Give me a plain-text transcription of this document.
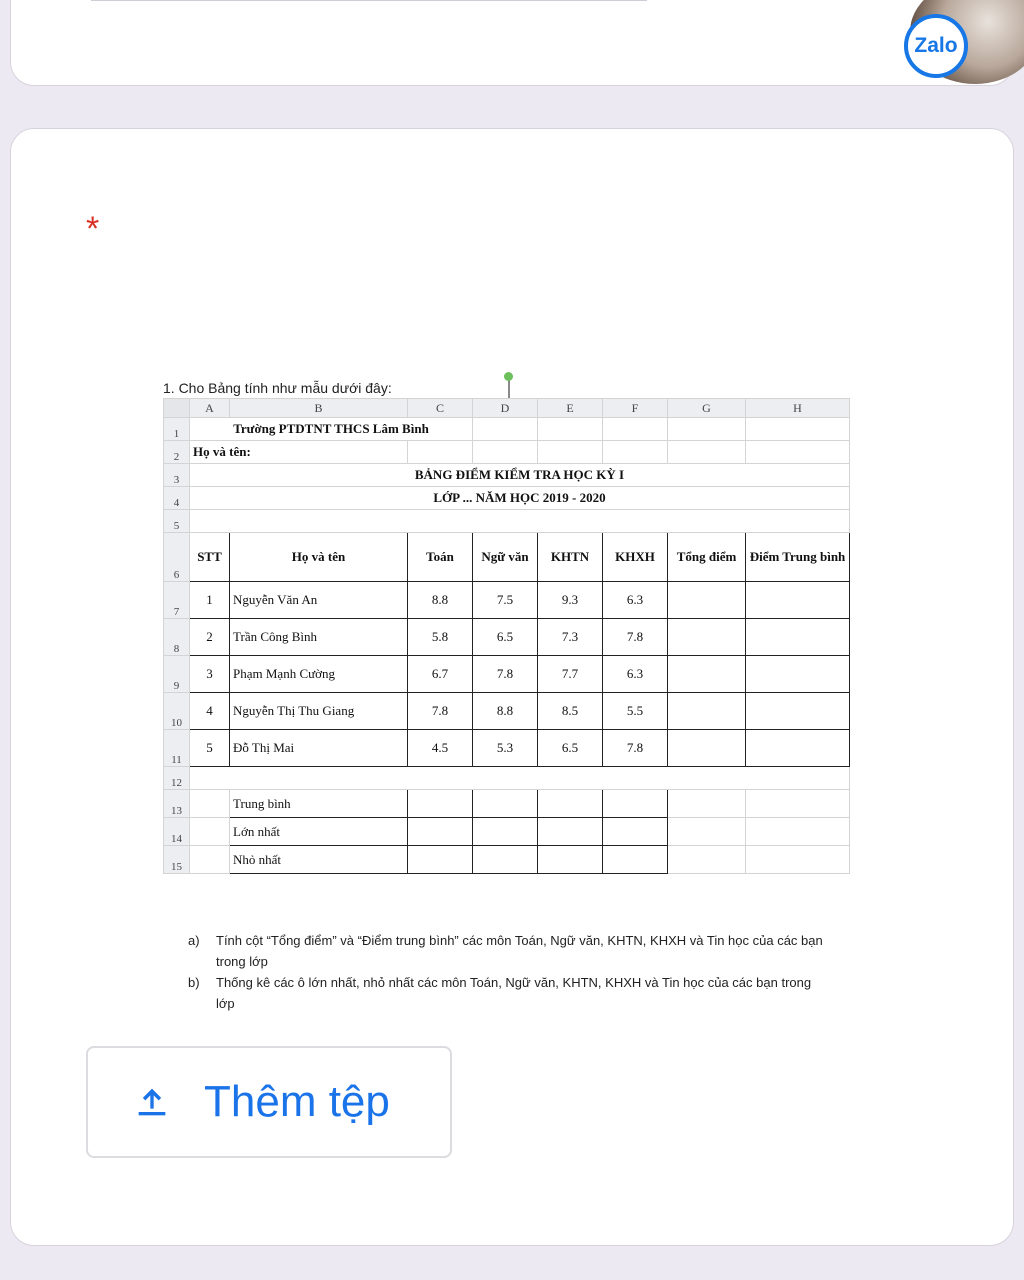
Zalo
*
1. Cho Bảng tính như mẫu dưới đây:
	A	B	C	D	E	F	G	H
1	Trường PTDTNT THCS Lâm Bình							
2	Họ và tên:							
3	BẢNG ĐIỂM KIỂM TRA HỌC KỲ I							
4	LỚP ... NĂM HỌC 2019 - 2020							
5								
6	STT	Họ và tên	Toán	Ngữ văn	KHTN	KHXH	Tổng điểm	Điểm Trung bình
7	1	Nguyễn Văn An	8.8	7.5	9.3	6.3		
8	2	Trần Công Bình	5.8	6.5	7.3	7.8		
9	3	Phạm Mạnh Cường	6.7	7.8	7.7	6.3		
10	4	Nguyễn Thị Thu Giang	7.8	8.8	8.5	5.5		
11	5	Đỗ Thị Mai	4.5	5.3	6.5	7.8		
12								
13		Trung bình						
14		Lớn nhất						
15		Nhỏ nhất						
a)	Tính cột “Tổng điểm” và “Điểm trung bình” các môn Toán, Ngữ văn, KHTN, KHXH và Tin học của các bạn trong lớp
b)	Thống kê các ô lớn nhất, nhỏ nhất các môn Toán, Ngữ văn, KHTN, KHXH và Tin học của các bạn trong lớp
Thêm tệp
